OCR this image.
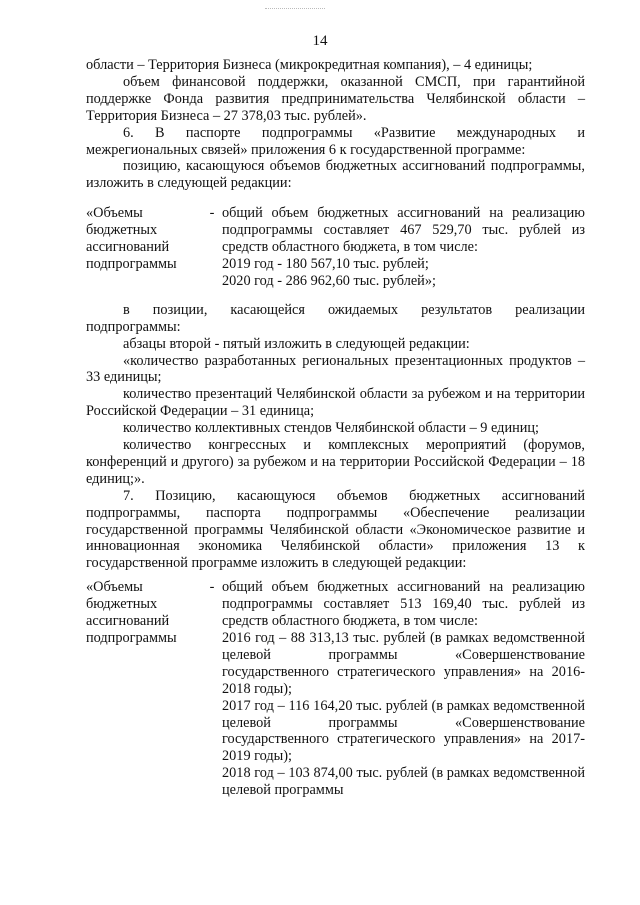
14

области – Территория Бизнеса (микрокредитная компания), – 4 единицы;

объем финансовой поддержки, оказанной СМСП, при гарантийной поддержке Фонда развития предпринимательства Челябинской области – Территория Бизнеса – 27 378,03 тыс. рублей».

6. В паспорте подпрограммы «Развитие международных и межрегиональных связей» приложения 6 к государственной программе:

позицию, касающуюся объемов бюджетных ассигнований подпрограммы, изложить в следующей редакции:

«Объемы
бюджетных
ассигнований
подпрограммы
- общий объем бюджетных ассигнований на реализацию подпрограммы составляет 467 529,70 тыс. рублей из средств областного бюджета, в том числе:

2019 год - 180 567,10 тыс. рублей;

2020 год - 286 962,60 тыс. рублей»;

в позиции, касающейся ожидаемых результатов реализации подпрограммы:

абзацы второй - пятый изложить в следующей редакции:

«количество разработанных региональных презентационных продуктов – 33 единицы;

количество презентаций Челябинской области за рубежом и на территории Российской Федерации – 31 единица;

количество коллективных стендов Челябинской области – 9 единиц;

количество конгрессных и комплексных мероприятий (форумов, конференций и другого) за рубежом и на территории Российской Федерации – 18 единиц;».

7. Позицию, касающуюся объемов бюджетных ассигнований подпрограммы, паспорта подпрограммы «Обеспечение реализации государственной программы Челябинской области «Экономическое развитие и инновационная экономика Челябинской области» приложения 13 к государственной программе изложить в следующей редакции:

«Объемы
бюджетных
ассигнований
подпрограммы
- общий объем бюджетных ассигнований на реализацию подпрограммы составляет 513 169,40 тыс. рублей из средств областного бюджета, в том числе:

2016 год – 88 313,13 тыс. рублей (в рамках ведомственной целевой программы «Совершенствование государственного стратегического управления» на 2016-2018 годы);

2017 год – 116 164,20 тыс. рублей (в рамках ведомственной целевой программы «Совершенствование государственного стратегического управления» на 2017-2019 годы);

2018 год – 103 874,00 тыс. рублей (в рамках ведомственной целевой программы
